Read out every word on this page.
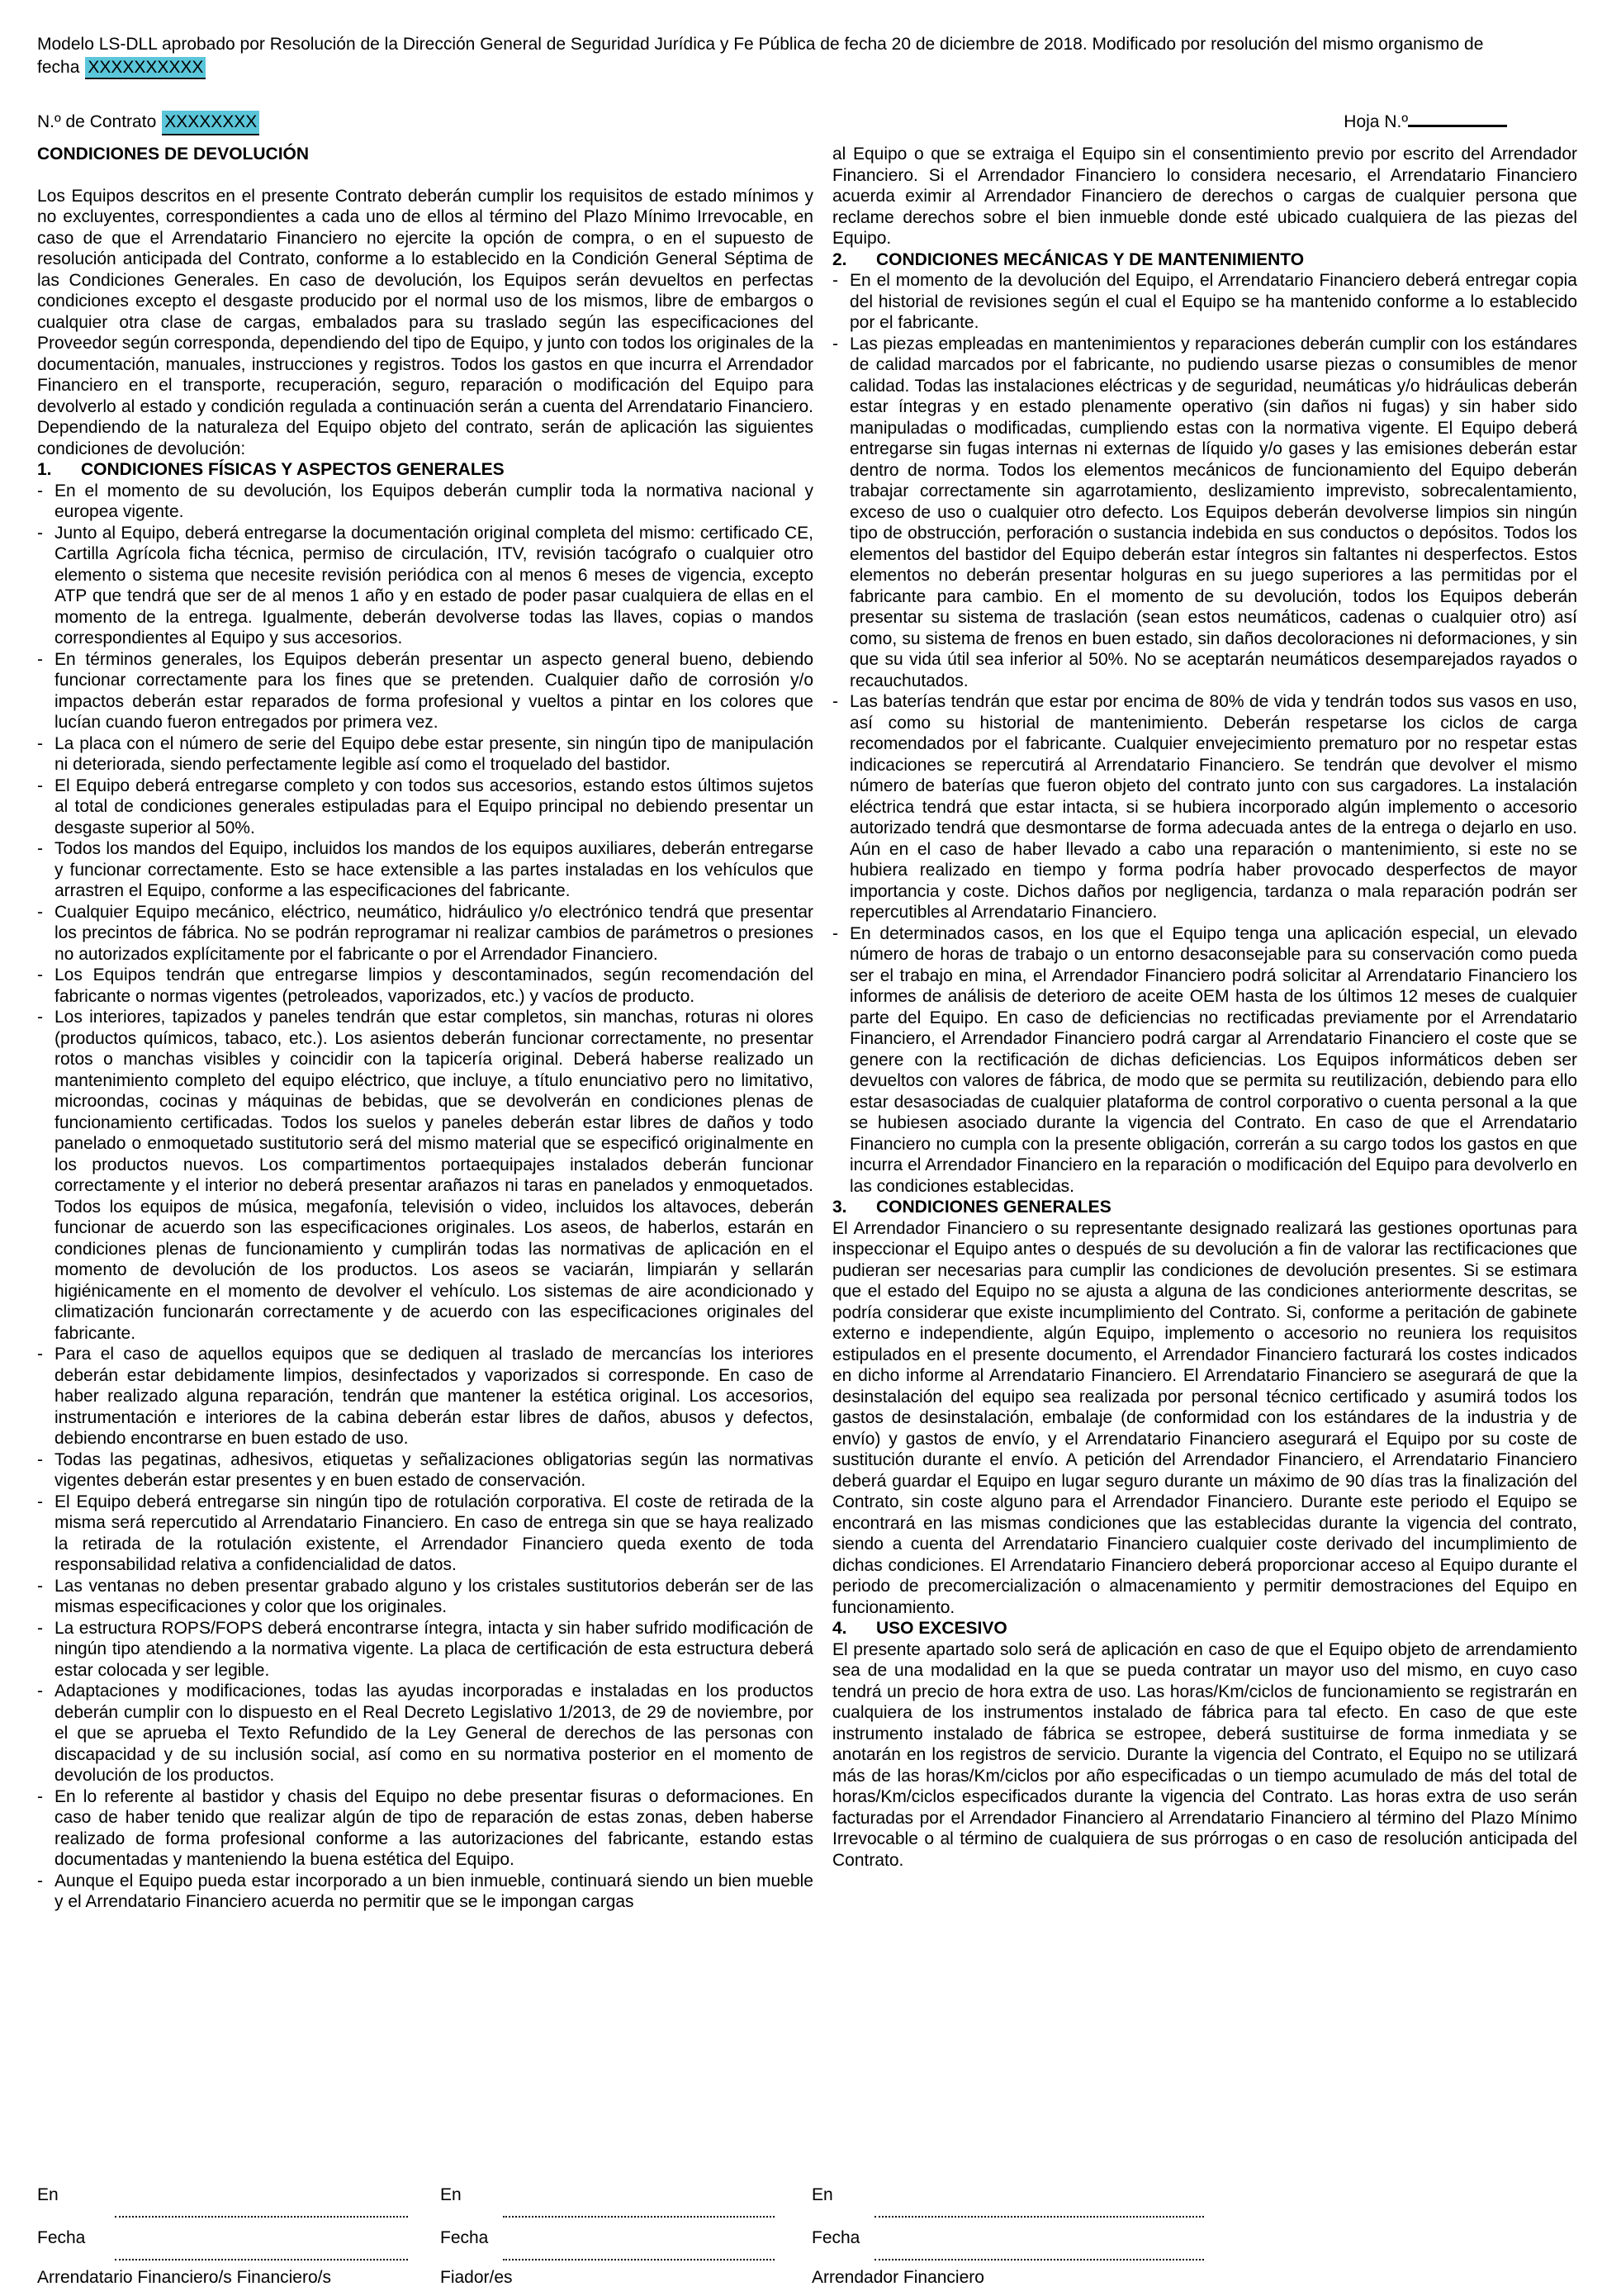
Modelo LS-DLL aprobado por Resolución de la Dirección General de Seguridad Jurídica y Fe Pública de fecha 20 de diciembre de 2018. Modificado por resolución del mismo organismo de
fecha XXXXXXXXXX
N.º de Contrato XXXXXXXX	Hoja N.º
CONDICIONES DE DEVOLUCIÓN

Los Equipos descritos en el presente Contrato deberán cumplir los requisitos de estado mínimos y no excluyentes, correspondientes a cada uno de ellos al término del Plazo Mínimo Irrevocable, en caso de que el Arrendatario Financiero no ejercite la opción de compra, o en el supuesto de resolución anticipada del Contrato, conforme a lo establecido en la Condición General Séptima de las Condiciones Generales. En caso de devolución, los Equipos serán devueltos en perfectas condiciones excepto el desgaste producido por el normal uso de los mismos, libre de embargos o cualquier otra clase de cargas, embalados para su traslado según las especificaciones del Proveedor según corresponda, dependiendo del tipo de Equipo, y junto con todos los originales de la documentación, manuales, instrucciones y registros. Todos los gastos en que incurra el Arrendador Financiero en el transporte, recuperación, seguro, reparación o modificación del Equipo para devolverlo al estado y condición regulada a continuación serán a cuenta del Arrendatario Financiero. Dependiendo de la naturaleza del Equipo objeto del contrato, serán de aplicación las siguientes condiciones de devolución:

1.	CONDICIONES FÍSICAS Y ASPECTOS GENERALES
- En el momento de su devolución, los Equipos deberán cumplir toda la normativa nacional y europea vigente.
- Junto al Equipo, deberá entregarse la documentación original completa del mismo: certificado CE, Cartilla Agrícola ficha técnica, permiso de circulación, ITV, revisión tacógrafo o cualquier otro elemento o sistema que necesite revisión periódica con al menos 6 meses de vigencia, excepto ATP que tendrá que ser de al menos 1 año y en estado de poder pasar cualquiera de ellas en el momento de la entrega. Igualmente, deberán devolverse todas las llaves, copias o mandos correspondientes al Equipo y sus accesorios.
- En términos generales, los Equipos deberán presentar un aspecto general bueno, debiendo funcionar correctamente para los fines que se pretenden. Cualquier daño de corrosión y/o impactos deberán estar reparados de forma profesional y vueltos a pintar en los colores que lucían cuando fueron entregados por primera vez.
- La placa con el número de serie del Equipo debe estar presente, sin ningún tipo de manipulación ni deteriorada, siendo perfectamente legible así como el troquelado del bastidor.
- El Equipo deberá entregarse completo y con todos sus accesorios, estando estos últimos sujetos al total de condiciones generales estipuladas para el Equipo principal no debiendo presentar un desgaste superior al 50%.
- Todos los mandos del Equipo, incluidos los mandos de los equipos auxiliares, deberán entregarse y funcionar correctamente. Esto se hace extensible a las partes instaladas en los vehículos que arrastren el Equipo, conforme a las especificaciones del fabricante.
- Cualquier Equipo mecánico, eléctrico, neumático, hidráulico y/o electrónico tendrá que presentar los precintos de fábrica. No se podrán reprogramar ni realizar cambios de parámetros o presiones no autorizados explícitamente por el fabricante o por el Arrendador Financiero.
- Los Equipos tendrán que entregarse limpios y descontaminados, según recomendación del fabricante o normas vigentes (petroleados, vaporizados, etc.) y vacíos de producto.
- Los interiores, tapizados y paneles tendrán que estar completos, sin manchas, roturas ni olores (productos químicos, tabaco, etc.). Los asientos deberán funcionar correctamente, no presentar rotos o manchas visibles y coincidir con la tapicería original. Deberá haberse realizado un mantenimiento completo del equipo eléctrico, que incluye, a título enunciativo pero no limitativo, microondas, cocinas y máquinas de bebidas, que se devolverán en condiciones plenas de funcionamiento certificadas. Todos los suelos y paneles deberán estar libres de daños y todo panelado o enmoquetado sustitutorio será del mismo material que se especificó originalmente en los productos nuevos. Los compartimentos portaequipajes instalados deberán funcionar correctamente y el interior no deberá presentar arañazos ni taras en panelados y enmoquetados. Todos los equipos de música, megafonía, televisión o video, incluidos los altavoces, deberán funcionar de acuerdo son las especificaciones originales. Los aseos, de haberlos, estarán en condiciones plenas de funcionamiento y cumplirán todas las normativas de aplicación en el momento de devolución de los productos. Los aseos se vaciarán, limpiarán y sellarán higiénicamente en el momento de devolver el vehículo. Los sistemas de aire acondicionado y climatización funcionarán correctamente y de acuerdo con las especificaciones originales del fabricante.
- Para el caso de aquellos equipos que se dediquen al traslado de mercancías los interiores deberán estar debidamente limpios, desinfectados y vaporizados si corresponde. En caso de haber realizado alguna reparación, tendrán que mantener la estética original. Los accesorios, instrumentación e interiores de la cabina deberán estar libres de daños, abusos y defectos, debiendo encontrarse en buen estado de uso.
- Todas las pegatinas, adhesivos, etiquetas y señalizaciones obligatorias según las normativas vigentes deberán estar presentes y en buen estado de conservación.
- El Equipo deberá entregarse sin ningún tipo de rotulación corporativa. El coste de retirada de la misma será repercutido al Arrendatario Financiero. En caso de entrega sin que se haya realizado la retirada de la rotulación existente, el Arrendador Financiero queda exento de toda responsabilidad relativa a confidencialidad de datos.
- Las ventanas no deben presentar grabado alguno y los cristales sustitutorios deberán ser de las mismas especificaciones y color que los originales.
- La estructura ROPS/FOPS deberá encontrarse íntegra, intacta y sin haber sufrido modificación de ningún tipo atendiendo a la normativa vigente. La placa de certificación de esta estructura deberá estar colocada y ser legible.
- Adaptaciones y modificaciones, todas las ayudas incorporadas e instaladas en los productos deberán cumplir con lo dispuesto en el Real Decreto Legislativo 1/2013, de 29 de noviembre, por el que se aprueba el Texto Refundido de la Ley General de derechos de las personas con discapacidad y de su inclusión social, así como en su normativa posterior en el momento de devolución de los productos.
- En lo referente al bastidor y chasis del Equipo no debe presentar fisuras o deformaciones. En caso de haber tenido que realizar algún de tipo de reparación de estas zonas, deben haberse realizado de forma profesional conforme a las autorizaciones del fabricante, estando estas documentadas y manteniendo la buena estética del Equipo.
- Aunque el Equipo pueda estar incorporado a un bien inmueble, continuará siendo un bien mueble y el Arrendatario Financiero acuerda no permitir que se le impongan cargas

al Equipo o que se extraiga el Equipo sin el consentimiento previo por escrito del Arrendador Financiero. Si el Arrendador Financiero lo considera necesario, el Arrendatario Financiero acuerda eximir al Arrendador Financiero de derechos o cargas de cualquier persona que reclame derechos sobre el bien inmueble donde esté ubicado cualquiera de las piezas del Equipo.

2.	CONDICIONES MECÁNICAS Y DE MANTENIMIENTO
- En el momento de la devolución del Equipo, el Arrendatario Financiero deberá entregar copia del historial de revisiones según el cual el Equipo se ha mantenido conforme a lo establecido por el fabricante.
- Las piezas empleadas en mantenimientos y reparaciones deberán cumplir con los estándares de calidad marcados por el fabricante, no pudiendo usarse piezas o consumibles de menor calidad. Todas las instalaciones eléctricas y de seguridad, neumáticas y/o hidráulicas deberán estar íntegras y en estado plenamente operativo (sin daños ni fugas) y sin haber sido manipuladas o modificadas, cumpliendo estas con la normativa vigente. El Equipo deberá entregarse sin fugas internas ni externas de líquido y/o gases y las emisiones deberán estar dentro de norma. Todos los elementos mecánicos de funcionamiento del Equipo deberán trabajar correctamente sin agarrotamiento, deslizamiento imprevisto, sobrecalentamiento, exceso de uso o cualquier otro defecto. Los Equipos deberán devolverse limpios sin ningún tipo de obstrucción, perforación o sustancia indebida en sus conductos o depósitos. Todos los elementos del bastidor del Equipo deberán estar íntegros sin faltantes ni desperfectos. Estos elementos no deberán presentar holguras en su juego superiores a las permitidas por el fabricante para cambio. En el momento de su devolución, todos los Equipos deberán presentar su sistema de traslación (sean estos neumáticos, cadenas o cualquier otro) así como, su sistema de frenos en buen estado, sin daños decoloraciones ni deformaciones, y sin que su vida útil sea inferior al 50%. No se aceptarán neumáticos desemparejados rayados o recauchutados.
- Las baterías tendrán que estar por encima de 80% de vida y tendrán todos sus vasos en uso, así como su historial de mantenimiento. Deberán respetarse los ciclos de carga recomendados por el fabricante. Cualquier envejecimiento prematuro por no respetar estas indicaciones se repercutirá al Arrendatario Financiero. Se tendrán que devolver el mismo número de baterías que fueron objeto del contrato junto con sus cargadores. La instalación eléctrica tendrá que estar intacta, si se hubiera incorporado algún implemento o accesorio autorizado tendrá que desmontarse de forma adecuada antes de la entrega o dejarlo en uso. Aún en el caso de haber llevado a cabo una reparación o mantenimiento, si este no se hubiera realizado en tiempo y forma podría haber provocado desperfectos de mayor importancia y coste. Dichos daños por negligencia, tardanza o mala reparación podrán ser repercutibles al Arrendatario Financiero.
- En determinados casos, en los que el Equipo tenga una aplicación especial, un elevado número de horas de trabajo o un entorno desaconsejable para su conservación como pueda ser el trabajo en mina, el Arrendador Financiero podrá solicitar al Arrendatario Financiero los informes de análisis de deterioro de aceite OEM hasta de los últimos 12 meses de cualquier parte del Equipo. En caso de deficiencias no rectificadas previamente por el Arrendatario Financiero, el Arrendador Financiero podrá cargar al Arrendatario Financiero el coste que se genere con la rectificación de dichas deficiencias. Los Equipos informáticos deben ser devueltos con valores de fábrica, de modo que se permita su reutilización, debiendo para ello estar desasociadas de cualquier plataforma de control corporativo o cuenta personal a la que se hubiesen asociado durante la vigencia del Contrato. En caso de que el Arrendatario Financiero no cumpla con la presente obligación, correrán a su cargo todos los gastos en que incurra el Arrendador Financiero en la reparación o modificación del Equipo para devolverlo en las condiciones establecidas.
3.	CONDICIONES GENERALES

El Arrendador Financiero o su representante designado realizará las gestiones oportunas para inspeccionar el Equipo antes o después de su devolución a fin de valorar las rectificaciones que pudieran ser necesarias para cumplir las condiciones de devolución presentes. Si se estimara que el estado del Equipo no se ajusta a alguna de las condiciones anteriormente descritas, se podría considerar que existe incumplimiento del Contrato. Si, conforme a peritación de gabinete externo e independiente, algún Equipo, implemento o accesorio no reuniera los requisitos estipulados en el presente documento, el Arrendador Financiero facturará los costes indicados en dicho informe al Arrendatario Financiero. El Arrendatario Financiero se asegurará de que la desinstalación del equipo sea realizada por personal técnico certificado y asumirá todos los gastos de desinstalación, embalaje (de conformidad con los estándares de la industria y de envío) y gastos de envío, y el Arrendatario Financiero asegurará el Equipo por su coste de sustitución durante el envío. A petición del Arrendador Financiero, el Arrendatario Financiero deberá guardar el Equipo en lugar seguro durante un máximo de 90 días tras la finalización del Contrato, sin coste alguno para el Arrendador Financiero. Durante este periodo el Equipo se encontrará en las mismas condiciones que las establecidas durante la vigencia del contrato, siendo a cuenta del Arrendatario Financiero cualquier coste derivado del incumplimiento de dichas condiciones. El Arrendatario Financiero deberá proporcionar acceso al Equipo durante el periodo de precomercialización o almacenamiento y permitir demostraciones del Equipo en funcionamiento.

4.	USO EXCESIVO

El presente apartado solo será de aplicación en caso de que el Equipo objeto de arrendamiento sea de una modalidad en la que se pueda contratar un mayor uso del mismo, en cuyo caso tendrá un precio de hora extra de uso. Las horas/Km/ciclos de funcionamiento se registrarán en cualquiera de los instrumentos instalado de fábrica para tal efecto. En caso de que este instrumento instalado de fábrica se estropee, deberá sustituirse de forma inmediata y se anotarán en los registros de servicio. Durante la vigencia del Contrato, el Equipo no se utilizará más de las horas/Km/ciclos por año especificadas o un tiempo acumulado de más del total de horas/Km/ciclos especificados durante la vigencia del Contrato. Las horas extra de uso serán facturadas por el Arrendador Financiero al Arrendatario Financiero al término del Plazo Mínimo Irrevocable o al término de cualquiera de sus prórrogas o en caso de resolución anticipada del Contrato.

En
Fecha
Arrendatario Financiero/s Financiero/s
En
Fecha
Fiador/es
En
Fecha
Arrendador Financiero
